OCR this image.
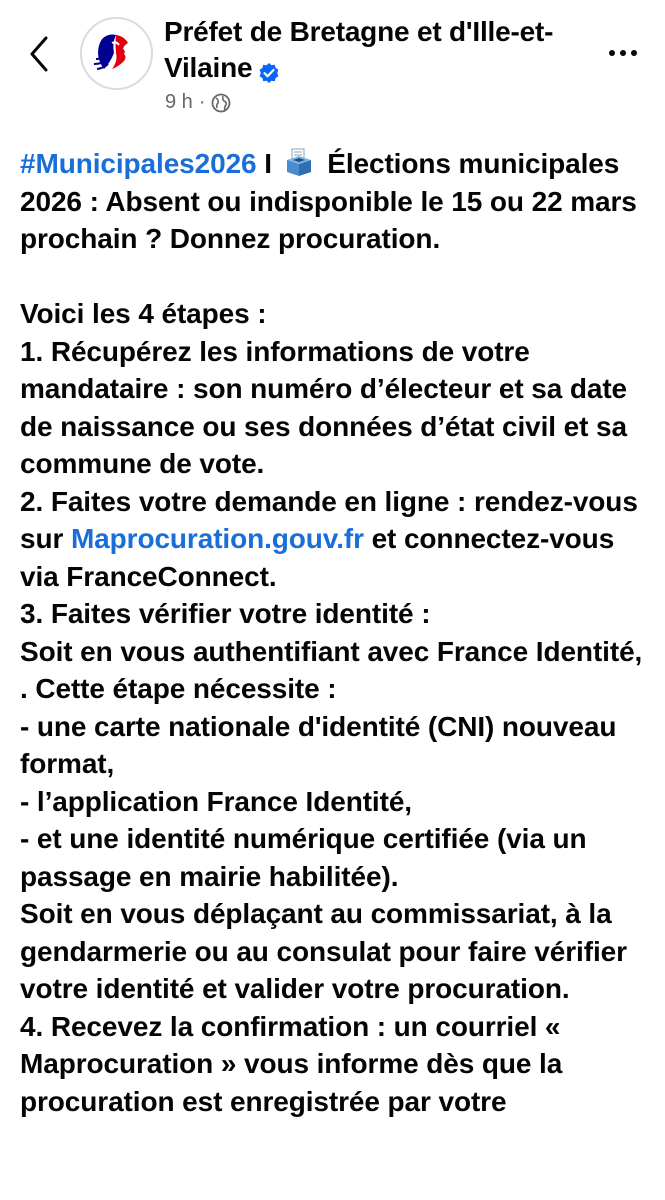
Préfet de Bretagne et d'Ille-et-Vilaine
9 h ·
#Municipales2026 I  Élections municipales 2026 : Absent ou indisponible le 15 ou 22 mars prochain ? Donnez procuration.
Voici les 4 étapes :
1. Récupérez les informations de votre mandataire : son numéro d’électeur et sa date de naissance ou ses données d’état civil et sa commune de vote.
2. Faites votre demande en ligne : rendez-vous sur Maprocuration.gouv.fr et connectez-vous via FranceConnect.
3. Faites vérifier votre identité :
Soit en vous authentifiant avec France Identité, . Cette étape nécessite :
- une carte nationale d'identité (CNI) nouveau format,
- l’application France Identité,
- et une identité numérique certifiée (via un passage en mairie habilitée).
Soit en vous déplaçant au commissariat, à la gendarmerie ou au consulat pour faire vérifier votre identité et valider votre procuration.
4. Recevez la confirmation : un courriel « Maprocuration » vous informe dès que la procuration est enregistrée par votre
